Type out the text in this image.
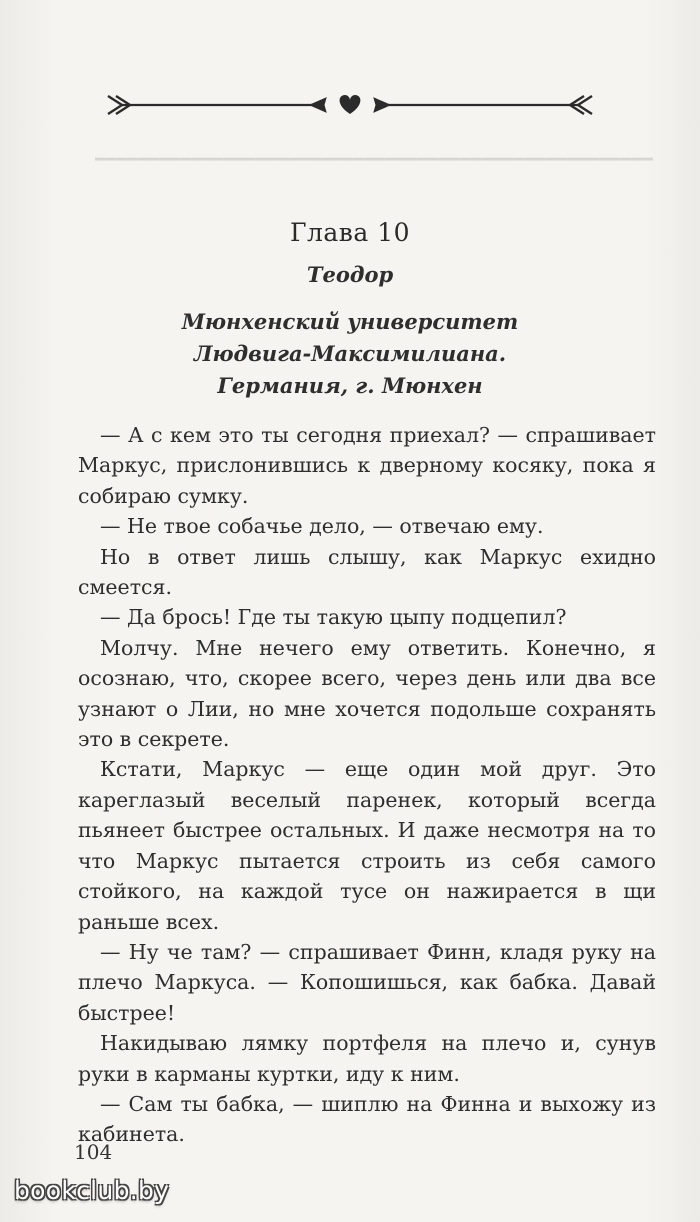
━━━━━━━━━━━━━━━━━━━━━━━━━━━━━━━━━━━━━━━━━━━━━━━━━━━━
Глава 10
Теодор
Мюнхенский университет
Людвига-Максимилиана.
Германия, г. Мюнхен

— А с кем это ты сегодня приехал? — спрашивает Маркус, прислонившись к дверному косяку, пока я собираю сумку.

— Не твое собачье дело, — отвечаю ему.

Но в ответ лишь слышу, как Маркус ехидно смеется.

— Да брось! Где ты такую цыпу подцепил?

Молчу. Мне нечего ему ответить. Конечно, я осознаю, что, скорее всего, через день или два все узнают о Лии, но мне хочется подольше сохранять это в секрете.

Кстати, Маркус — еще один мой друг. Это кареглазый веселый паренек, который всегда пьянеет быстрее остальных. И даже несмотря на то что Маркус пытается строить из себя самого стойкого, на каждой тусе он нажирается в щи раньше всех.

— Ну че там? — спрашивает Финн, кладя руку на плечо Маркуса. — Копошишься, как бабка. Давай быстрее!

Накидываю лямку портфеля на плечо и, сунув руки в карманы куртки, иду к ним.

— Сам ты бабка, — шиплю на Финна и выхожу из кабинета.

104
bookclub.by
